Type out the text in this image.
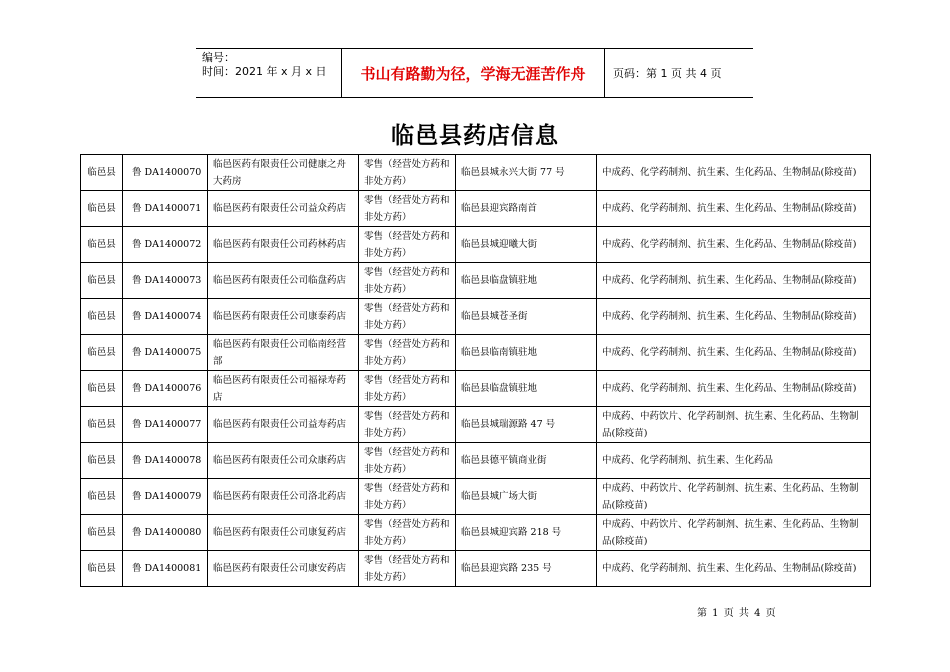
编号：
时间：2021 年 x 月 x 日	书山有路勤为径，学海无涯苦作舟	页码：第 1 页 共 4 页
临邑县药店信息
临邑县	鲁 DA1400070	临邑医药有限责任公司健康之舟大药房	零售（经营处方药和非处方药）	临邑县城永兴大街 77 号	中成药、化学药制剂、抗生素、生化药品、生物制品(除疫苗)
临邑县	鲁 DA1400071	临邑医药有限责任公司益众药店	零售（经营处方药和非处方药）	临邑县迎宾路南首	中成药、化学药制剂、抗生素、生化药品、生物制品(除疫苗)
临邑县	鲁 DA1400072	临邑医药有限责任公司药林药店	零售（经营处方药和非处方药）	临邑县城迎曦大街	中成药、化学药制剂、抗生素、生化药品、生物制品(除疫苗)
临邑县	鲁 DA1400073	临邑医药有限责任公司临盘药店	零售（经营处方药和非处方药）	临邑县临盘镇驻地	中成药、化学药制剂、抗生素、生化药品、生物制品(除疫苗)
临邑县	鲁 DA1400074	临邑医药有限责任公司康泰药店	零售（经营处方药和非处方药）	临邑县城苍圣街	中成药、化学药制剂、抗生素、生化药品、生物制品(除疫苗)
临邑县	鲁 DA1400075	临邑医药有限责任公司临南经营部	零售（经营处方药和非处方药）	临邑县临南镇驻地	中成药、化学药制剂、抗生素、生化药品、生物制品(除疫苗)
临邑县	鲁 DA1400076	临邑医药有限责任公司福禄寿药店	零售（经营处方药和非处方药）	临邑县临盘镇驻地	中成药、化学药制剂、抗生素、生化药品、生物制品(除疫苗)
临邑县	鲁 DA1400077	临邑医药有限责任公司益寿药店	零售（经营处方药和非处方药）	临邑县城瑞源路 47 号	中成药、中药饮片、化学药制剂、抗生素、生化药品、生物制品(除疫苗)
临邑县	鲁 DA1400078	临邑医药有限责任公司众康药店	零售（经营处方药和非处方药）	临邑县德平镇商业街	中成药、化学药制剂、抗生素、生化药品
临邑县	鲁 DA1400079	临邑医药有限责任公司洛北药店	零售（经营处方药和非处方药）	临邑县城广场大街	中成药、中药饮片、化学药制剂、抗生素、生化药品、生物制品(除疫苗)
临邑县	鲁 DA1400080	临邑医药有限责任公司康复药店	零售（经营处方药和非处方药）	临邑县城迎宾路 218 号	中成药、中药饮片、化学药制剂、抗生素、生化药品、生物制品(除疫苗)
临邑县	鲁 DA1400081	临邑医药有限责任公司康安药店	零售（经营处方药和非处方药）	临邑县迎宾路 235 号	中成药、化学药制剂、抗生素、生化药品、生物制品(除疫苗)
第 1 页 共 4 页
